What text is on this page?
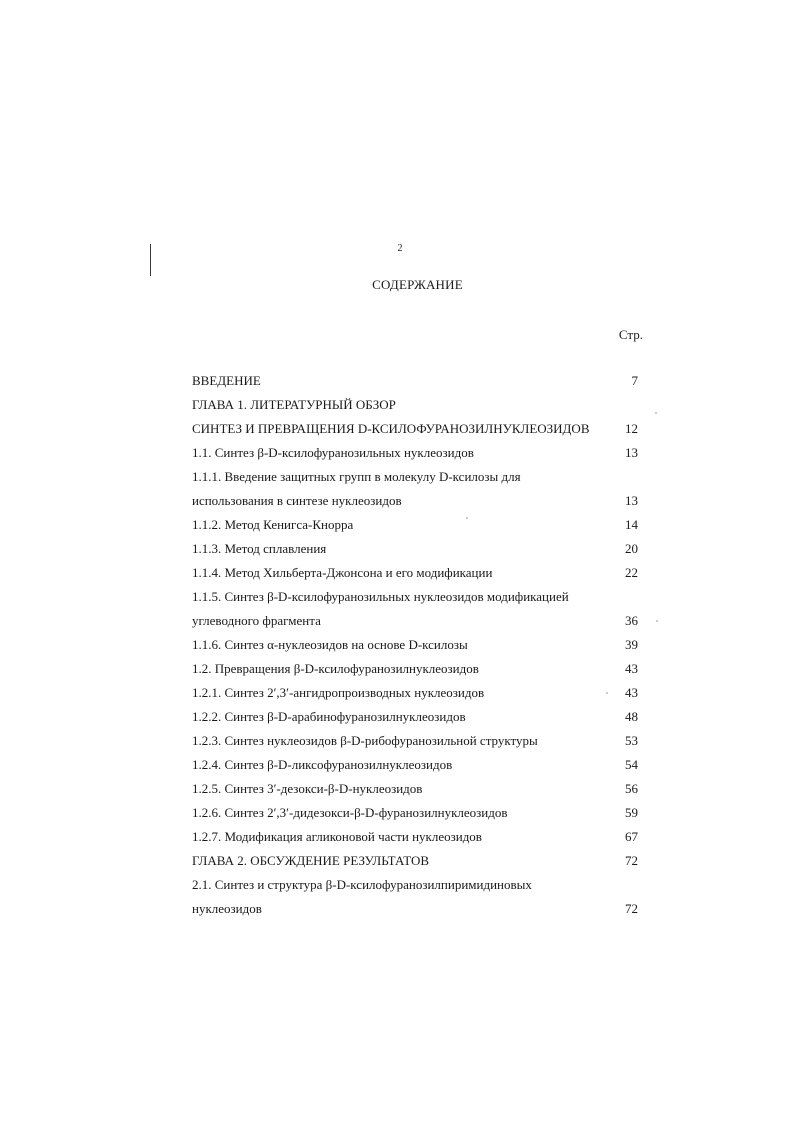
2
СОДЕРЖАНИЕ
Стр.
ВВЕДЕНИЕ	7
ГЛАВА 1. ЛИТЕРАТУРНЫЙ ОБЗОР
СИНТЕЗ И ПРЕВРАЩЕНИЯ D-КСИЛОФУРАНОЗИЛНУКЛЕОЗИДОВ	12
1.1. Синтез β-D-ксилофуранозильных нуклеозидов	13
1.1.1. Введение защитных групп в молекулу D-ксилозы для
использования в синтезе нуклеозидов	13
1.1.2. Метод Кенигса-Кнорра	14
1.1.3. Метод сплавления	20
1.1.4. Метод Хильберта-Джонсона и его модификации	22
1.1.5. Синтез β-D-ксилофуранозильных нуклеозидов модификацией
углеводного фрагмента	36
1.1.6. Синтез α-нуклеозидов на основе D-ксилозы	39
1.2. Превращения β-D-ксилофуранозилнуклеозидов	43
1.2.1. Синтез 2′,3′-ангидропроизводных нуклеозидов	43
1.2.2. Синтез β-D-арабинофуранозилнуклеозидов	48
1.2.3. Синтез нуклеозидов β-D-рибофуранозильной структуры	53
1.2.4. Синтез β-D-ликсофуранозилнуклеозидов	54
1.2.5. Синтез 3′-дезокси-β-D-нуклеозидов	56
1.2.6. Синтез 2′,3′-дидезокси-β-D-фуранозилнуклеозидов	59
1.2.7. Модификация агликоновой части нуклеозидов	67
ГЛАВА 2. ОБСУЖДЕНИЕ РЕЗУЛЬТАТОВ	72
2.1. Синтез и структура β-D-ксилофуранозилпиримидиновых
нуклеозидов	72
